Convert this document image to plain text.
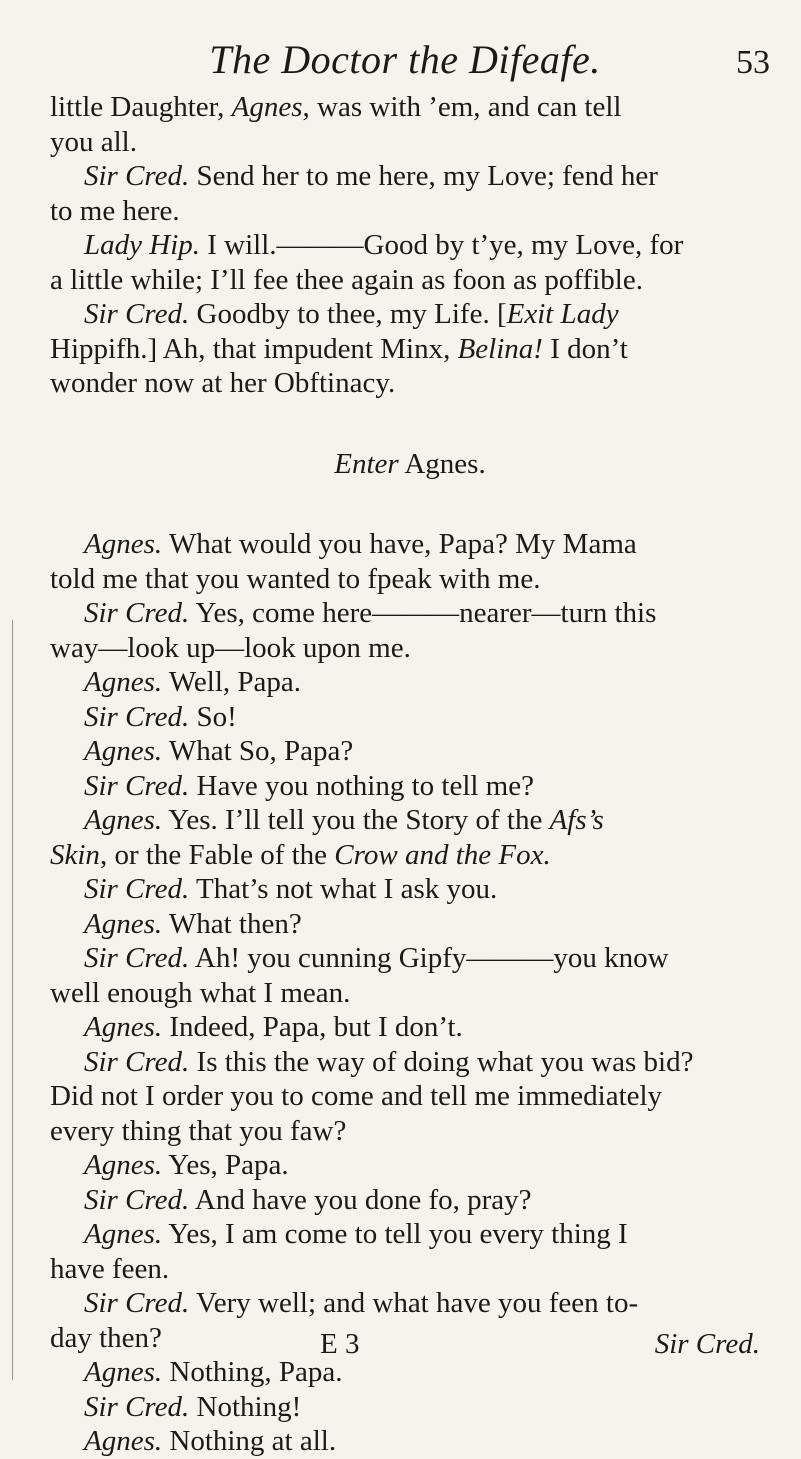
The Doctor the Difeafe.	53
little Daughter, Agnes, was with ’em, and can tell
you all.
Sir Cred. Send her to me here, my Love; fend her
to me here.
Lady Hip. I will.———Good by t’ye, my Love, for
a little while; I’ll fee thee again as foon as poffible.
Sir Cred. Goodby to thee, my Life. [Exit Lady
Hippifh.] Ah, that impudent Minx, Belina! I don’t
wonder now at her Obftinacy.
Enter Agnes.
Agnes. What would you have, Papa? My Mama
told me that you wanted to fpeak with me.
Sir Cred. Yes, come here———nearer—turn this
way—look up—look upon me.
Agnes. Well, Papa.
Sir Cred. So!
Agnes. What So, Papa?
Sir Cred. Have you nothing to tell me?
Agnes. Yes. I’ll tell you the Story of the Afs’s
Skin, or the Fable of the Crow and the Fox.
Sir Cred. That’s not what I ask you.
Agnes. What then?
Sir Cred. Ah! you cunning Gipfy———you know
well enough what I mean.
Agnes. Indeed, Papa, but I don’t.
Sir Cred. Is this the way of doing what you was bid?
Did not I order you to come and tell me immediately
every thing that you faw?
Agnes. Yes, Papa.
Sir Cred. And have you done fo, pray?
Agnes. Yes, I am come to tell you every thing I
have feen.
Sir Cred. Very well; and what have you feen to-
day then?
Agnes. Nothing, Papa.
Sir Cred. Nothing!
Agnes. Nothing at all.
E 3	Sir Cred.
